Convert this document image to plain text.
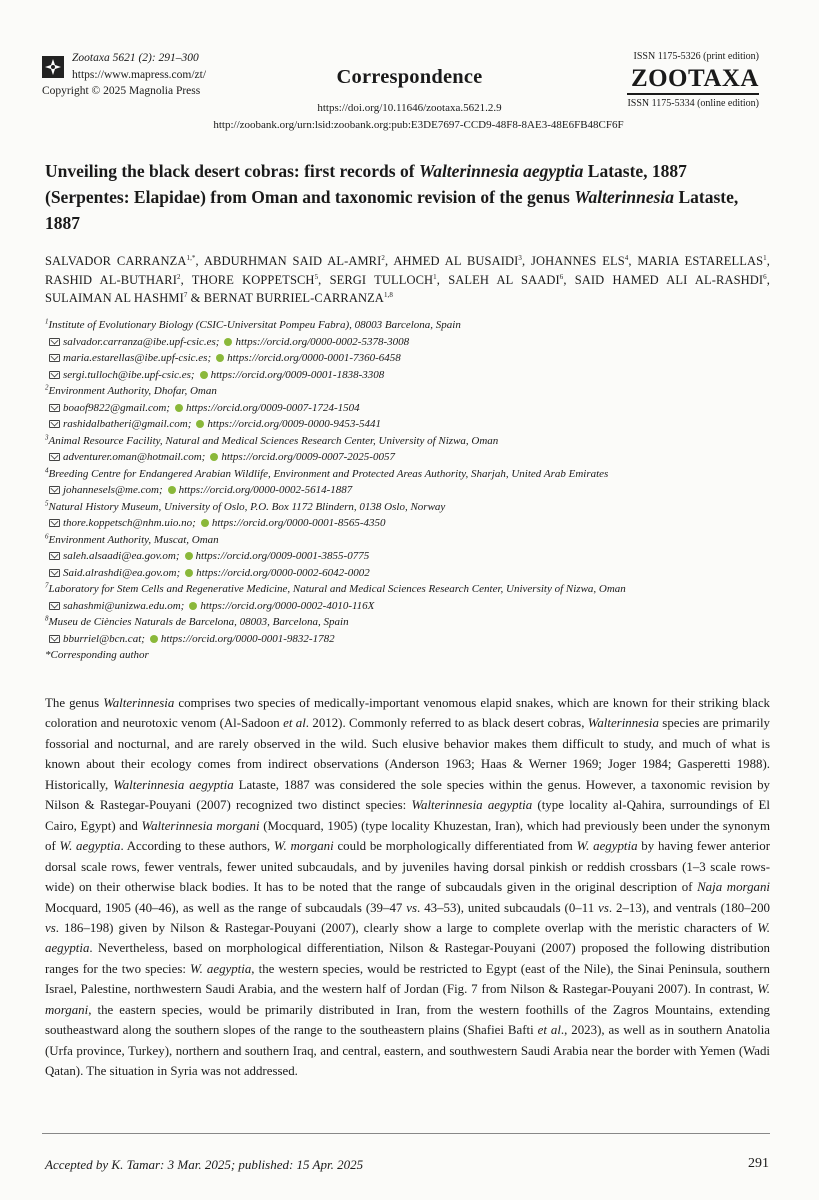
Zootaxa 5621 (2): 291–300
https://www.mapress.com/zt/
Copyright © 2025 Magnolia Press
Correspondence
ISSN 1175-5326 (print edition)
ZOOTAXA
ISSN 1175-5334 (online edition)
https://doi.org/10.11646/zootaxa.5621.2.9
http://zoobank.org/urn:lsid:zoobank.org:pub:E3DE7697-CCD9-48F8-8AE3-48E6FB48CF6F
Unveiling the black desert cobras: first records of Walterinnesia aegyptia Lataste, 1887 (Serpentes: Elapidae) from Oman and taxonomic revision of the genus Walterinnesia Lataste, 1887
SALVADOR $CARRANZA^{1,*}$, ABDURHMAN SAID AL-AMRI$^2$, AHMED AL BUSAIDI$^3$, JOHANNES ELS$^4$, MARIA ESTARELLAS$^1$, RASHID AL-BUTHARI$^2$, THORE KOPPETSCH$^5$, SERGI TULLOCH$^1$, SALEH AL SAADI$^6$, SAID HAMED ALI AL-RASHDI$^6$, SULAIMAN AL HASHMI$^7$ & BERNAT BURRIEL-CARRANZA$^{1,8}$
$^1$Institute of Evolutionary Biology (CSIC-Universitat Pompeu Fabra), 08003 Barcelona, Spain
salvador.carranza@ibe.upf-csic.es; https://orcid.org/0000-0002-5378-3008
maria.estarellas@ibe.upf-csic.es; https://orcid.org/0000-0001-7360-6458
sergi.tulloch@ibe.upf-csic.es; https://orcid.org/0009-0001-1838-3308
$^2$Environment Authority, Dhofar, Oman
boaof9822@gmail.com; https://orcid.org/0009-0007-1724-1504
rashidalbatheri@gmail.com; https://orcid.org/0009-0000-9453-5441
$^3$Animal Resource Facility, Natural and Medical Sciences Research Center, University of Nizwa, Oman
adventurer.oman@hotmail.com; https://orcid.org/0009-0007-2025-0057
$^4$Breeding Centre for Endangered Arabian Wildlife, Environment and Protected Areas Authority, Sharjah, United Arab Emirates
johannesels@me.com; https://orcid.org/0000-0002-5614-1887
$^5$Natural History Museum, University of Oslo, P.O. Box 1172 Blindern, 0138 Oslo, Norway
thore.koppetsch@nhm.uio.no; https://orcid.org/0000-0001-8565-4350
$^6$Environment Authority, Muscat, Oman
saleh.alsaadi@ea.gov.om; https://orcid.org/0009-0001-3855-0775
Said.alrashdi@ea.gov.om; https://orcid.org/0000-0002-6042-0002
$^7$Laboratory for Stem Cells and Regenerative Medicine, Natural and Medical Sciences Research Center, University of Nizwa, Oman
sahashmi@unizwa.edu.om; https://orcid.org/0000-0002-4010-116X
$^8$Museu de Ciències Naturals de Barcelona, 08003, Barcelona, Spain
bburriel@bcn.cat; https://orcid.org/0000-0001-9832-1782
*Corresponding author
The genus Walterinnesia comprises two species of medically-important venomous elapid snakes, which are known for their striking black coloration and neurotoxic venom (Al-Sadoon et al. 2012). Commonly referred to as black desert cobras, Walterinnesia species are primarily fossorial and nocturnal, and are rarely observed in the wild. Such elusive behavior makes them difficult to study, and much of what is known about their ecology comes from indirect observations (Anderson 1963; Haas & Werner 1969; Joger 1984; Gasperetti 1988). Historically, Walterinnesia aegyptia Lataste, 1887 was considered the sole species within the genus. However, a taxonomic revision by Nilson & Rastegar-Pouyani (2007) recognized two distinct species: Walterinnesia aegyptia (type locality al-Qahira, surroundings of El Cairo, Egypt) and Walterinnesia morgani (Mocquard, 1905) (type locality Khuzestan, Iran), which had previously been under the synonym of W. aegyptia. According to these authors, W. morgani could be morphologically differentiated from W. aegyptia by having fewer anterior dorsal scale rows, fewer ventrals, fewer united subcaudals, and by juveniles having dorsal pinkish or reddish crossbars (1–3 scale rows-wide) on their otherwise black bodies. It has to be noted that the range of subcaudals given in the original description of Naja morgani Mocquard, 1905 (40–46), as well as the range of subcaudals (39–47 vs. 43–53), united subcaudals (0–11 vs. 2–13), and ventrals (180–200 vs. 186–198) given by Nilson & Rastegar-Pouyani (2007), clearly show a large to complete overlap with the meristic characters of W. aegyptia. Nevertheless, based on morphological differentiation, Nilson & Rastegar-Pouyani (2007) proposed the following distribution ranges for the two species: W. aegyptia, the western species, would be restricted to Egypt (east of the Nile), the Sinai Peninsula, southern Israel, Palestine, northwestern Saudi Arabia, and the western half of Jordan (Fig. 7 from Nilson & Rastegar-Pouyani 2007). In contrast, W. morgani, the eastern species, would be primarily distributed in Iran, from the western foothills of the Zagros Mountains, extending southeastward along the southern slopes of the range to the southeastern plains (Shafiei Bafti et al., 2023), as well as in southern Anatolia (Urfa province, Turkey), northern and southern Iraq, and central, eastern, and southwestern Saudi Arabia near the border with Yemen (Wadi Qatan). The situation in Syria was not addressed.
Accepted by K. Tamar: 3 Mar. 2025; published: 15 Apr. 2025	291
